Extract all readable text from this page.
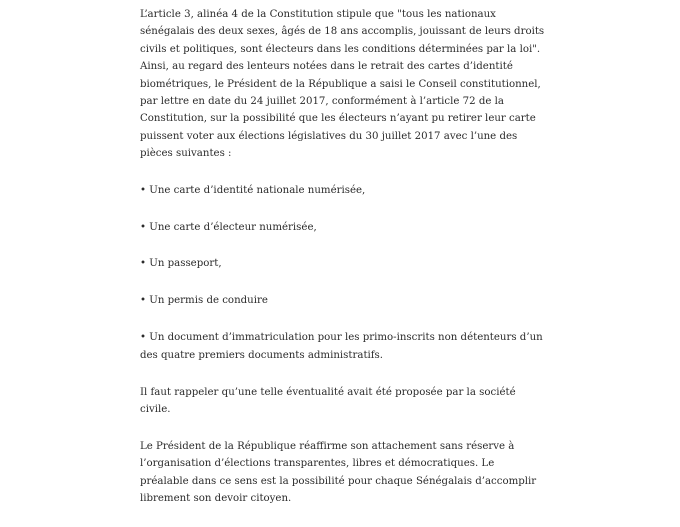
L’article 3, alinéa 4 de la Constitution stipule que "tous les nationaux sénégalais des deux sexes, âgés de 18 ans accomplis, jouissant de leurs droits civils et politiques, sont électeurs dans les conditions déterminées par la loi". Ainsi, au regard des lenteurs notées dans le retrait des cartes d’identité biométriques, le Président de la République a saisi le Conseil constitutionnel, par lettre en date du 24 juillet 2017, conformément à l’article 72 de la Constitution, sur la possibilité que les électeurs n’ayant pu retirer leur carte puissent voter aux élections législatives du 30 juillet 2017 avec l’une des pièces suivantes :

• Une carte d’identité nationale numérisée,

• Une carte d’électeur numérisée,

• Un passeport,

• Un permis de conduire

• Un document d’immatriculation pour les primo-inscrits non détenteurs d’un des quatre premiers documents administratifs.

Il faut rappeler qu’une telle éventualité avait été proposée par la société civile.

Le Président de la République réaffirme son attachement sans réserve à l’organisation d’élections transparentes, libres et démocratiques. Le préalable dans ce sens est la possibilité pour chaque Sénégalais d’accomplir librement son devoir citoyen.
